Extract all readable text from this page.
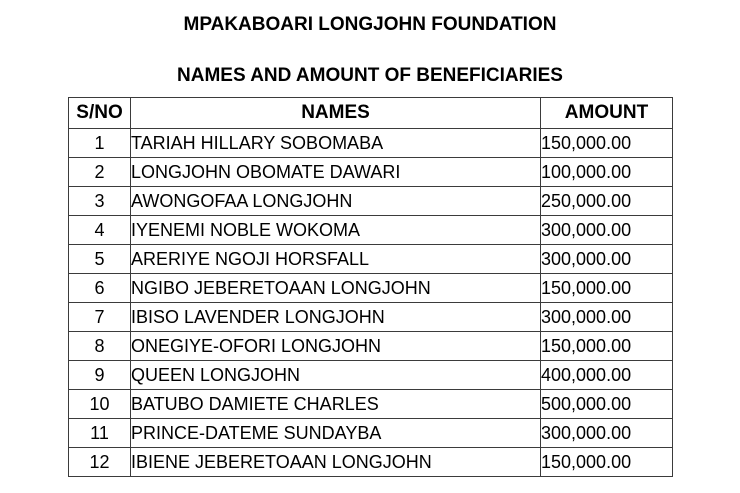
MPAKABOARI LONGJOHN FOUNDATION
NAMES AND AMOUNT OF BENEFICIARIES
S/NO	NAMES	AMOUNT
1	TARIAH HILLARY SOBOMABA	150,000.00
2	LONGJOHN OBOMATE DAWARI	100,000.00
3	AWONGOFAA LONGJOHN	250,000.00
4	IYENEMI NOBLE WOKOMA	300,000.00
5	ARERIYE NGOJI HORSFALL	300,000.00
6	NGIBO JEBERETOAAN LONGJOHN	150,000.00
7	IBISO LAVENDER LONGJOHN	300,000.00
8	ONEGIYE-OFORI LONGJOHN	150,000.00
9	QUEEN LONGJOHN	400,000.00
10	BATUBO DAMIETE CHARLES	500,000.00
11	PRINCE-DATEME SUNDAYBA	300,000.00
12	IBIENE JEBERETOAAN LONGJOHN	150,000.00
